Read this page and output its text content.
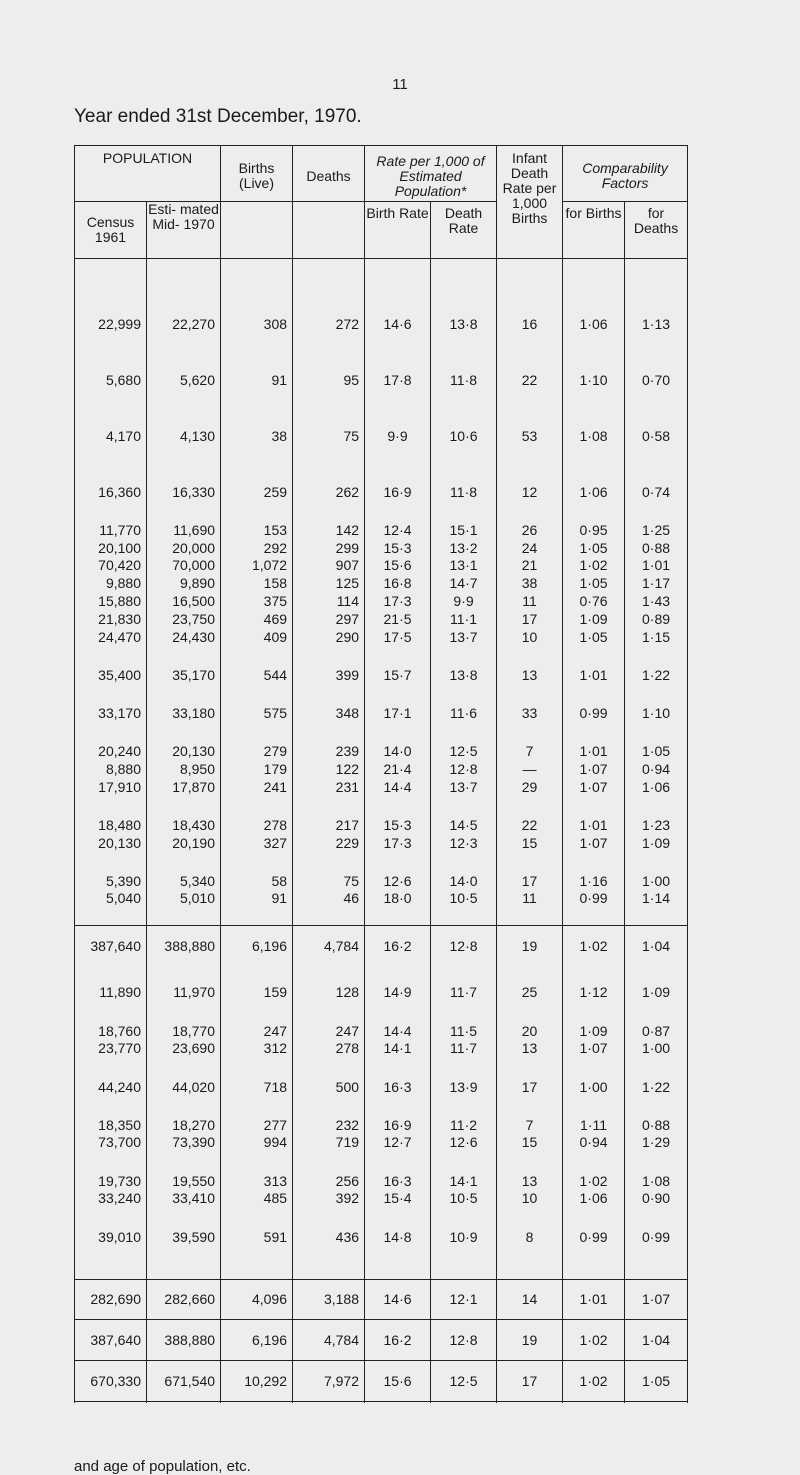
11
Year ended 31st December, 1970.
POPULATION		Births (Live)	Deaths	Rate per 1,000 of Estimated Population*		Infant Death Rate per 1,000 Births	Comparability Factors	
Census 1961	Esti- mated Mid- 1970							
				Birth Rate	Death Rate		for Births	for Deaths

22,999	22,270	308	272	14·6	13·8	16	1·06	1·13

5,680	5,620	91	95	17·8	11·8	22	1·10	0·70

4,170	4,130	38	75	9·9	10·6	53	1·08	0·58

16,360	16,330	259	262	16·9	11·8	12	1·06	0·74

11,770	11,690	153	142	12·4	15·1	26	0·95	1·25
20,100	20,000	292	299	15·3	13·2	24	1·05	0·88
70,420	70,000	1,072	907	15·6	13·1	21	1·02	1·01
9,880	9,890	158	125	16·8	14·7	38	1·05	1·17
15,880	16,500	375	114	17·3	9·9	11	0·76	1·43
21,830	23,750	469	297	21·5	11·1	17	1·09	0·89
24,470	24,430	409	290	17·5	13·7	10	1·05	1·15

35,400	35,170	544	399	15·7	13·8	13	1·01	1·22

33,170	33,180	575	348	17·1	11·6	33	0·99	1·10

20,240	20,130	279	239	14·0	12·5	7	1·01	1·05
8,880	8,950	179	122	21·4	12·8	—	1·07	0·94
17,910	17,870	241	231	14·4	13·7	29	1·07	1·06

18,480	18,430	278	217	15·3	14·5	22	1·01	1·23
20,130	20,190	327	229	17·3	12·3	15	1·07	1·09

5,390	5,340	58	75	12·6	14·0	17	1·16	1·00
5,040	5,010	91	46	18·0	10·5	11	0·99	1·14

387,640	388,880	6,196	4,784	16·2	12·8	19	1·02	1·04

11,890	11,970	159	128	14·9	11·7	25	1·12	1·09

18,760	18,770	247	247	14·4	11·5	20	1·09	0·87
23,770	23,690	312	278	14·1	11·7	13	1·07	1·00

44,240	44,020	718	500	16·3	13·9	17	1·00	1·22

18,350	18,270	277	232	16·9	11·2	7	1·11	0·88
73,700	73,390	994	719	12·7	12·6	15	0·94	1·29

19,730	19,550	313	256	16·3	14·1	13	1·02	1·08
33,240	33,410	485	392	15·4	10·5	10	1·06	0·90

39,010	39,590	591	436	14·8	10·9	8	0·99	0·99

282,690	282,660	4,096	3,188	14·6	12·1	14	1·01	1·07
387,640	388,880	6,196	4,784	16·2	12·8	19	1·02	1·04
670,330	671,540	10,292	7,972	15·6	12·5	17	1·02	1·05

and age of population, etc.
